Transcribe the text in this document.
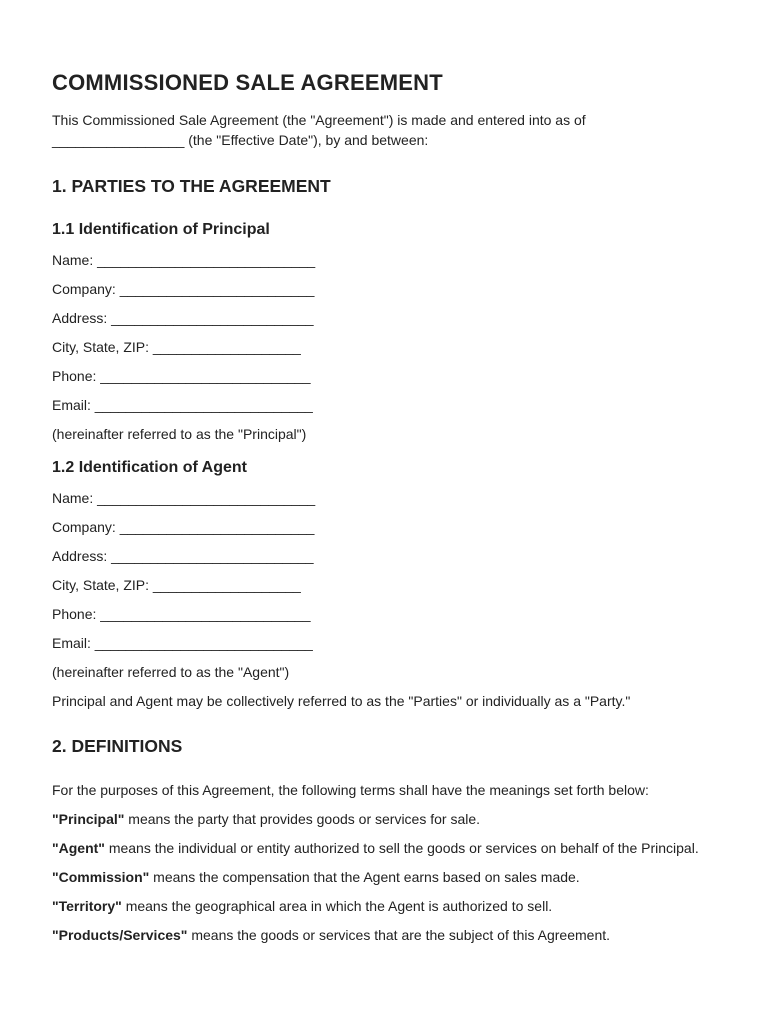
COMMISSIONED SALE AGREEMENT

This Commissioned Sale Agreement (the "Agreement") is made and entered into as of
_________________ (the "Effective Date"), by and between:

1. PARTIES TO THE AGREEMENT
1.1 Identification of Principal
Name: ____________________________
Company: _________________________
Address: __________________________
City, State, ZIP: ___________________
Phone: ___________________________
Email: ____________________________
(hereinafter referred to as the "Principal")
1.2 Identification of Agent
Name: ____________________________
Company: _________________________
Address: __________________________
City, State, ZIP: ___________________
Phone: ___________________________
Email: ____________________________
(hereinafter referred to as the "Agent")
Principal and Agent may be collectively referred to as the "Parties" or individually as a "Party."
2. DEFINITIONS

For the purposes of this Agreement, the following terms shall have the meanings set forth below:

"Principal" means the party that provides goods or services for sale.

"Agent" means the individual or entity authorized to sell the goods or services on behalf of the Principal.

"Commission" means the compensation that the Agent earns based on sales made.

"Territory" means the geographical area in which the Agent is authorized to sell.

"Products/Services" means the goods or services that are the subject of this Agreement.
